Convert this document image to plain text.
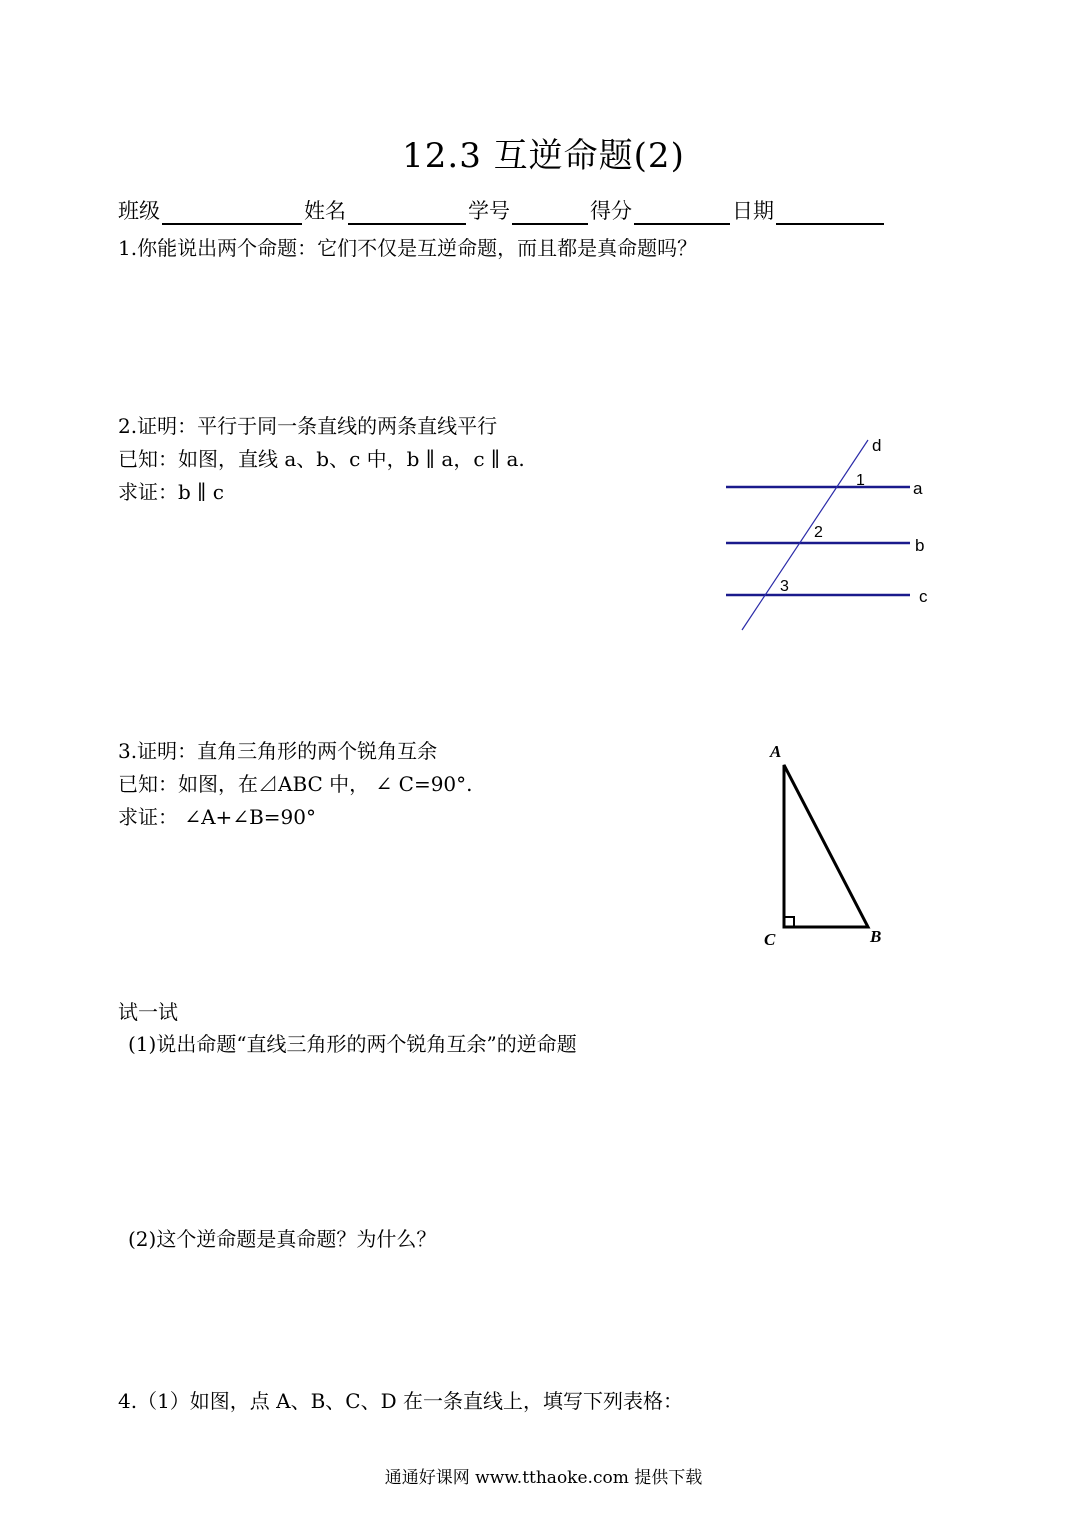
12.3 互逆命题(2)
班级	姓名	学号	得分	日期
1.你能说出两个命题：它们不仅是互逆命题，而且都是真命题吗？
2.证明：平行于同一条直线的两条直线平行
已知：如图，直线 a、b、c 中，b ∥ a，c ∥ a.
求证：b ∥ c	a
b
c
d
1
2
3
3.证明：直角三角形的两个锐角互余
已知：如图，在⊿ABC 中， ∠ C=90°.
求证： ∠A+∠B=90°
A
B
C
试一试
(1)说出命题“直线三角形的两个锐角互余”的逆命题
(2)这个逆命题是真命题？为什么？
4.（1）如图，点 A、B、C、D 在一条直线上，填写下列表格：
通通好课网 www.tthaoke.com 提供下载
